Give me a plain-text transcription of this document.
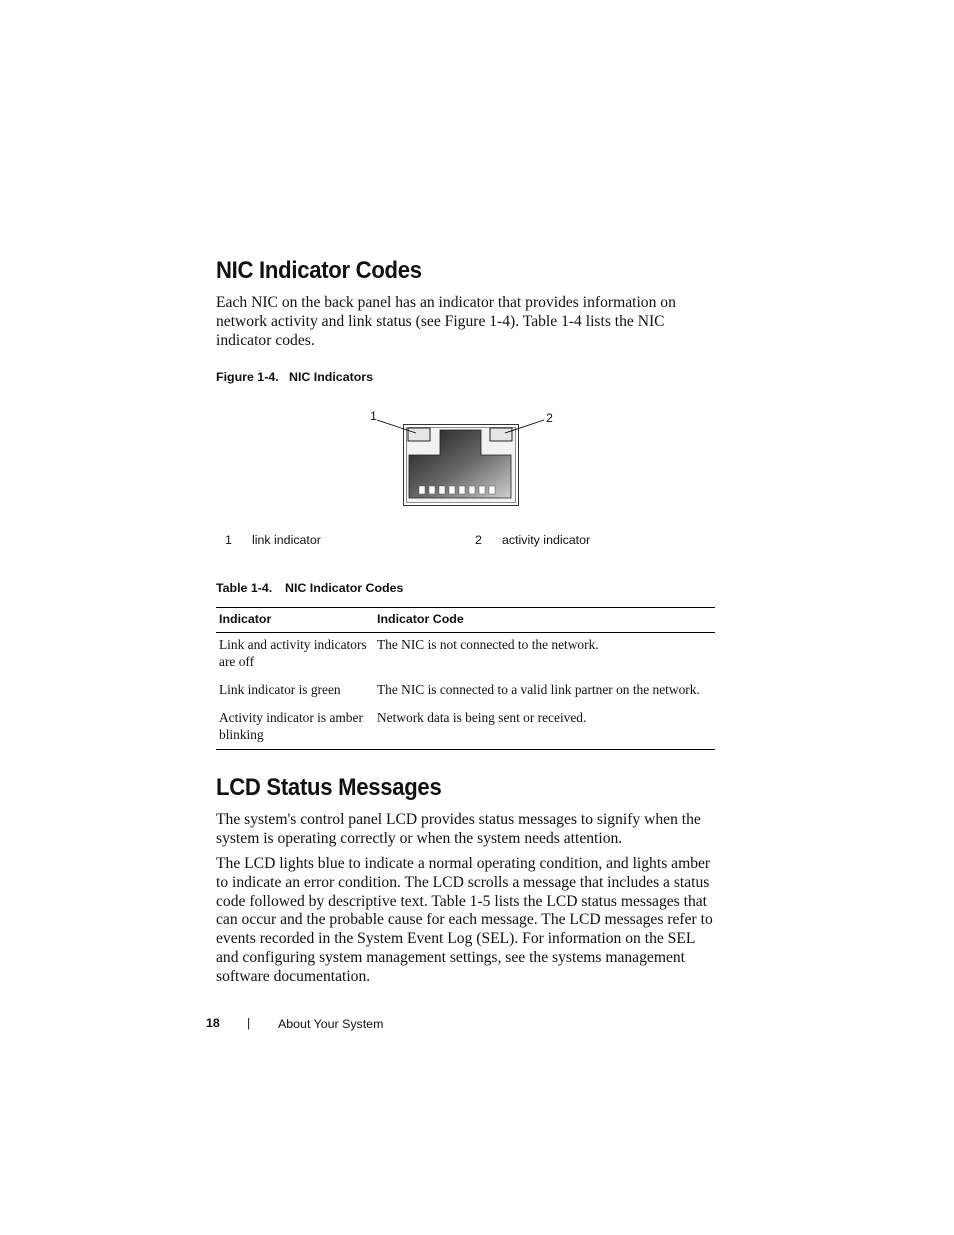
NIC Indicator Codes
Each NIC on the back panel has an indicator that provides information on network activity and link status (see Figure 1-4). Table 1-4 lists the NIC indicator codes.
Figure 1-4. NIC Indicators
1	2
1 link indicator	2 activity indicator
Table 1-4. NIC Indicator Codes
Indicator	Indicator Code
Link and activity indicators are off	The NIC is not connected to the network.
Link indicator is green	The NIC is connected to a valid link partner on the network.
Activity indicator is amber blinking	Network data is being sent or received.
LCD Status Messages
The system's control panel LCD provides status messages to signify when the system is operating correctly or when the system needs attention.
The LCD lights blue to indicate a normal operating condition, and lights amber to indicate an error condition. The LCD scrolls a message that includes a status code followed by descriptive text. Table 1-5 lists the LCD status messages that can occur and the probable cause for each message. The LCD messages refer to events recorded in the System Event Log (SEL). For information on the SEL and configuring system management settings, see the systems management software documentation.
18 | About Your System
